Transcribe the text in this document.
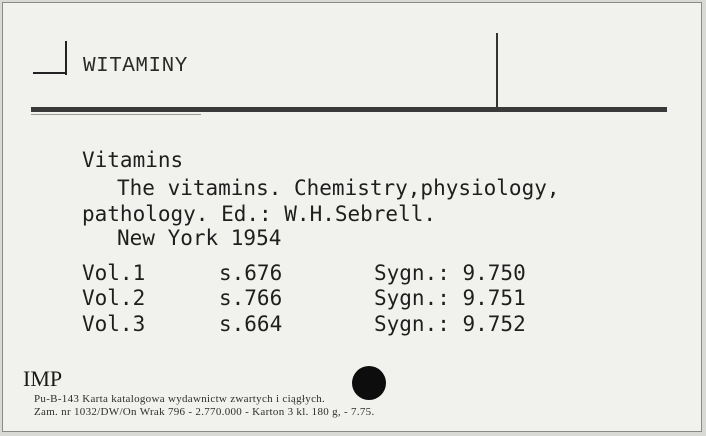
WITAMINY
Vitamins
The vitamins. Chemistry,physiology,
pathology. Ed.: W.H.Sebrell.
New York 1954
Vol.1	s.676	Sygn.: 9.750
Vol.2	s.766	Sygn.: 9.751
Vol.3	s.664	Sygn.: 9.752
IMP
Pu-B-143 Karta katalogowa wydawnictw zwartych i ciągłych.
Zam. nr 1032/DW/On Wrak 796 - 2.770.000 - Karton 3 kl. 180 g, - 7.75.
